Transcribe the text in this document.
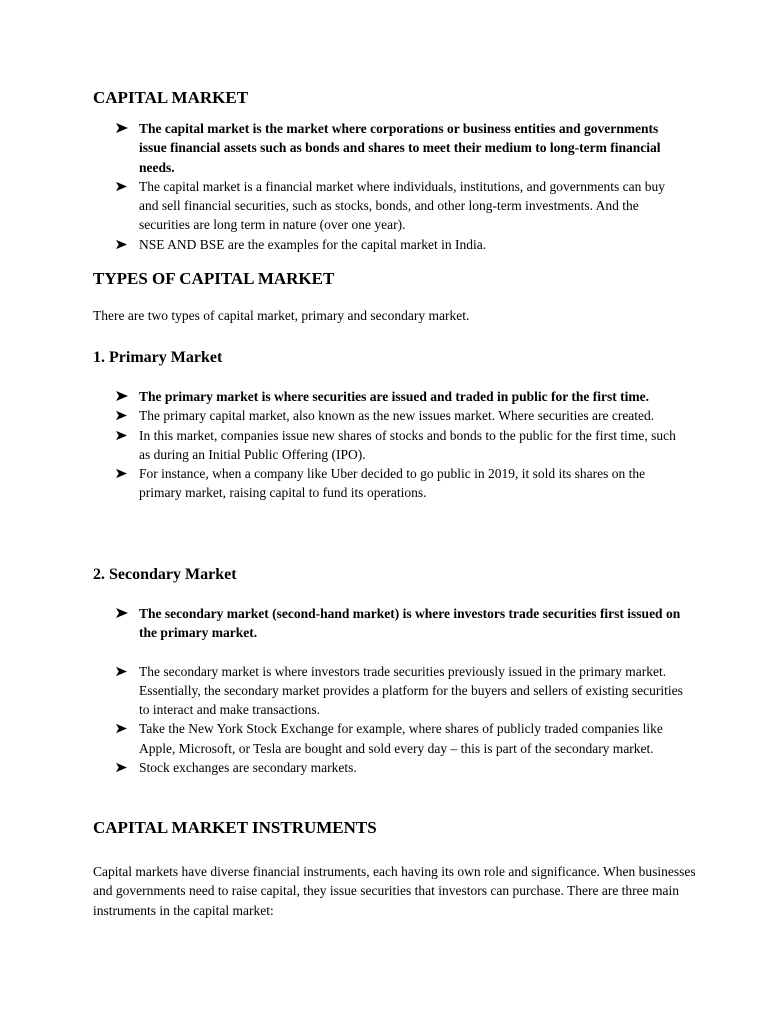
CAPITAL MARKET
The capital market is the market where corporations or business entities and governments issue financial assets such as bonds and shares to meet their medium to long-term financial needs.
The capital market is a financial market where individuals, institutions, and governments can buy and sell financial securities, such as stocks, bonds, and other long-term investments. And the securities are long term in nature (over one year).
NSE AND BSE are the examples for the capital market in India.
TYPES OF CAPITAL MARKET
There are two types of capital market, primary and secondary market.
1. Primary Market
The primary market is where securities are issued and traded in public for the first time.
The primary capital market, also known as the new issues market. Where securities are created.
In this market, companies issue new shares of stocks and bonds to the public for the first time, such as during an Initial Public Offering (IPO).
For instance, when a company like Uber decided to go public in 2019, it sold its shares on the primary market, raising capital to fund its operations.
2. Secondary Market
The secondary market (second-hand market) is where investors trade securities first issued on the primary market.
The secondary market is where investors trade securities previously issued in the primary market. Essentially, the secondary market provides a platform for the buyers and sellers of existing securities to interact and make transactions.
Take the New York Stock Exchange for example, where shares of publicly traded companies like Apple, Microsoft, or Tesla are bought and sold every day – this is part of the secondary market.
Stock exchanges are secondary markets.
CAPITAL MARKET INSTRUMENTS
Capital markets have diverse financial instruments, each having its own role and significance. When businesses and governments need to raise capital, they issue securities that investors can purchase. There are three main instruments in the capital market:
